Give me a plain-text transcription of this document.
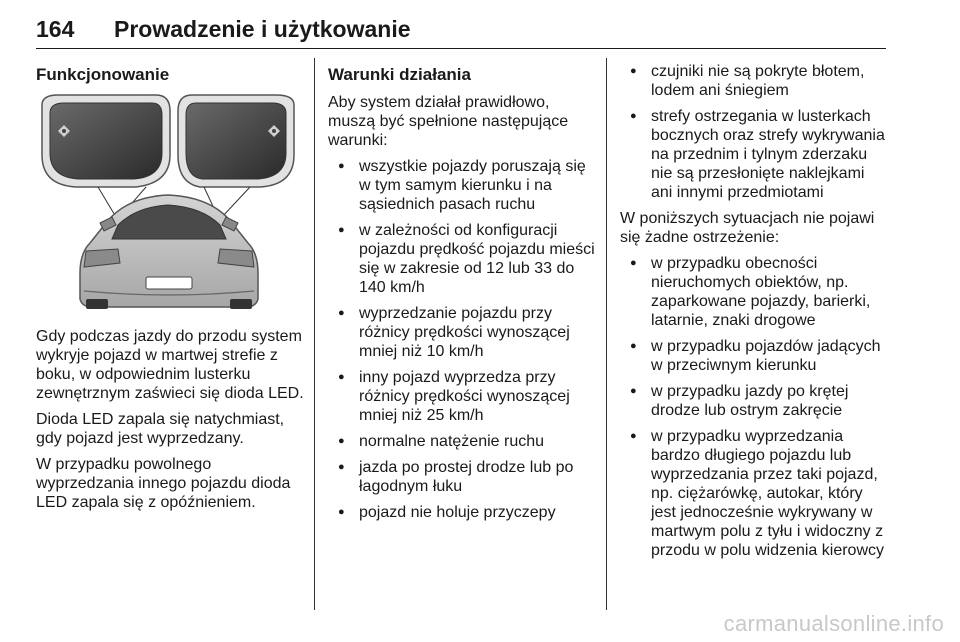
164 Prowadzenie i użytkowanie
Funkcjonowanie

Gdy podczas jazdy do przodu system wykryje pojazd w martwej strefie z boku, w odpowiednim lusterku zewnętrznym zaświeci się dioda LED.

Dioda LED zapala się natychmiast, gdy pojazd jest wyprzedzany.

W przypadku powolnego wyprzedzania innego pojazdu dioda LED zapala się z opóźnieniem.

Warunki działania

Aby system działał prawidłowo, muszą być spełnione następujące warunki:

● wszystkie pojazdy poruszają się w tym samym kierunku i na sąsiednich pasach ruchu
● w zależności od konfiguracji pojazdu prędkość pojazdu mieści się w zakresie od 12 lub 33 do 140 km/h
● wyprzedzanie pojazdu przy różnicy prędkości wynoszącej mniej niż 10 km/h
● inny pojazd wyprzedza przy różnicy prędkości wynoszącej mniej niż 25 km/h
● normalne natężenie ruchu
● jazda po prostej drodze lub po łagodnym łuku
● pojazd nie holuje przyczepy
● czujniki nie są pokryte błotem, lodem ani śniegiem
● strefy ostrzegania w lusterkach bocznych oraz strefy wykrywania na przednim i tylnym zderzaku nie są przesłonięte naklejkami ani innymi przedmiotami

W poniższych sytuacjach nie pojawi się żadne ostrzeżenie:

● w przypadku obecności nieruchomych obiektów, np. zaparkowane pojazdy, barierki, latarnie, znaki drogowe
● w przypadku pojazdów jadących w przeciwnym kierunku
● w przypadku jazdy po krętej drodze lub ostrym zakręcie
● w przypadku wyprzedzania bardzo długiego pojazdu lub wyprzedzania przez taki pojazd, np. ciężarówkę, autokar, który jest jednocześnie wykrywany w martwym polu z tyłu i widoczny z przodu w polu widzenia kierowcy
carmanualsonline.info
